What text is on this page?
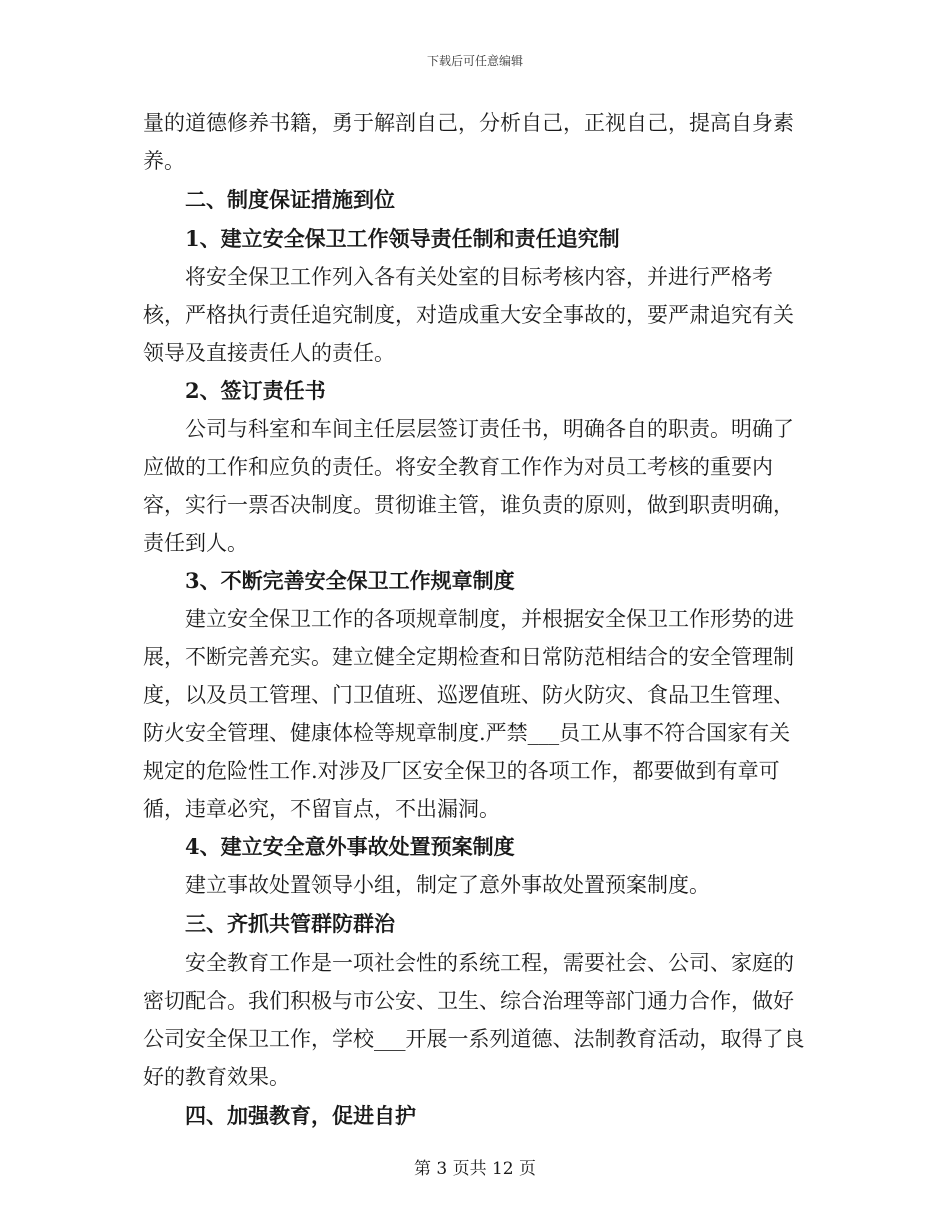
下载后可任意编辑

量的道德修养书籍，勇于解剖自己，分析自己，正视自己，提高自身素养。

二、制度保证措施到位

1、建立安全保卫工作领导责任制和责任追究制

将安全保卫工作列入各有关处室的目标考核内容，并进行严格考核，严格执行责任追究制度，对造成重大安全事故的，要严肃追究有关领导及直接责任人的责任。

2、签订责任书

公司与科室和车间主任层层签订责任书，明确各自的职责。明确了应做的工作和应负的责任。将安全教育工作作为对员工考核的重要内容，实行一票否决制度。贯彻谁主管，谁负责的原则，做到职责明确，责任到人。

3、不断完善安全保卫工作规章制度

建立安全保卫工作的各项规章制度，并根据安全保卫工作形势的进展，不断完善充实。建立健全定期检查和日常防范相结合的安全管理制度，以及员工管理、门卫值班、巡逻值班、防火防灾、食品卫生管理、防火安全管理、健康体检等规章制度.严禁___员工从事不符合国家有关规定的危险性工作.对涉及厂区安全保卫的各项工作，都要做到有章可循，违章必究，不留盲点，不出漏洞。

4、建立安全意外事故处置预案制度

建立事故处置领导小组，制定了意外事故处置预案制度。

三、齐抓共管群防群治

安全教育工作是一项社会性的系统工程，需要社会、公司、家庭的密切配合。我们积极与市公安、卫生、综合治理等部门通力合作，做好公司安全保卫工作，学校___开展一系列道德、法制教育活动，取得了良好的教育效果。

四、加强教育，促进自护

第 3 页共 12 页
